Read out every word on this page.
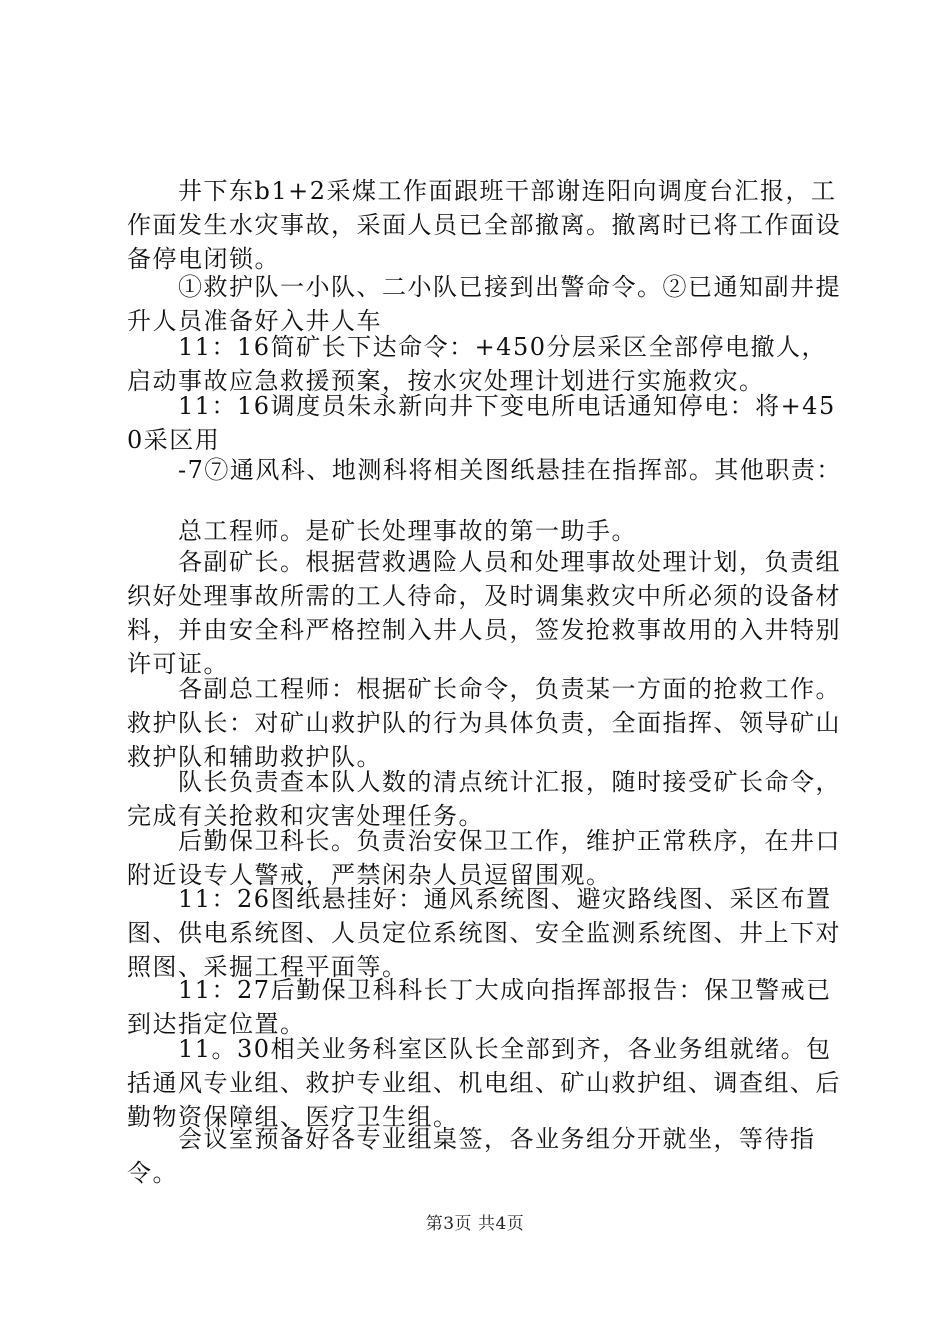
　　井下东b1+2采煤工作面跟班干部谢连阳向调度台汇报，工作面发生水灾事故，采面人员已全部撤离。撤离时已将工作面设备停电闭锁。

　　①救护队一小队、二小队已接到出警命令。②已通知副井提升人员准备好入井人车

　　11：16简矿长下达命令：+450分层采区全部停电撤人，启动事故应急救援预案，按水灾处理计划进行实施救灾。

　　11：16调度员朱永新向井下变电所电话通知停电：将+450采区用

　　-7⑦通风科、地测科将相关图纸悬挂在指挥部。其他职责：

　　总工程师。是矿长处理事故的第一助手。

　　各副矿长。根据营救遇险人员和处理事故处理计划，负责组织好处理事故所需的工人待命，及时调集救灾中所必须的设备材料，并由安全科严格控制入井人员，签发抢救事故用的入井特别许可证。

　　各副总工程师：根据矿长命令，负责某一方面的抢救工作。救护队长：对矿山救护队的行为具体负责，全面指挥、领导矿山救护队和辅助救护队。

　　队长负责查本队人数的清点统计汇报，随时接受矿长命令，完成有关抢救和灾害处理任务。

　　后勤保卫科长。负责治安保卫工作，维护正常秩序，在井口附近设专人警戒，严禁闲杂人员逗留围观。

　　11：26图纸悬挂好：通风系统图、避灾路线图、采区布置图、供电系统图、人员定位系统图、安全监测系统图、井上下对照图、采掘工程平面等。

　　11：27后勤保卫科科长丁大成向指挥部报告：保卫警戒已到达指定位置。

　　11。30相关业务科室区队长全部到齐，各业务组就绪。包括通风专业组、救护专业组、机电组、矿山救护组、调查组、后勤物资保障组、医疗卫生组。

　　会议室预备好各专业组桌签，各业务组分开就坐，等待指令。

第3页 共4页
